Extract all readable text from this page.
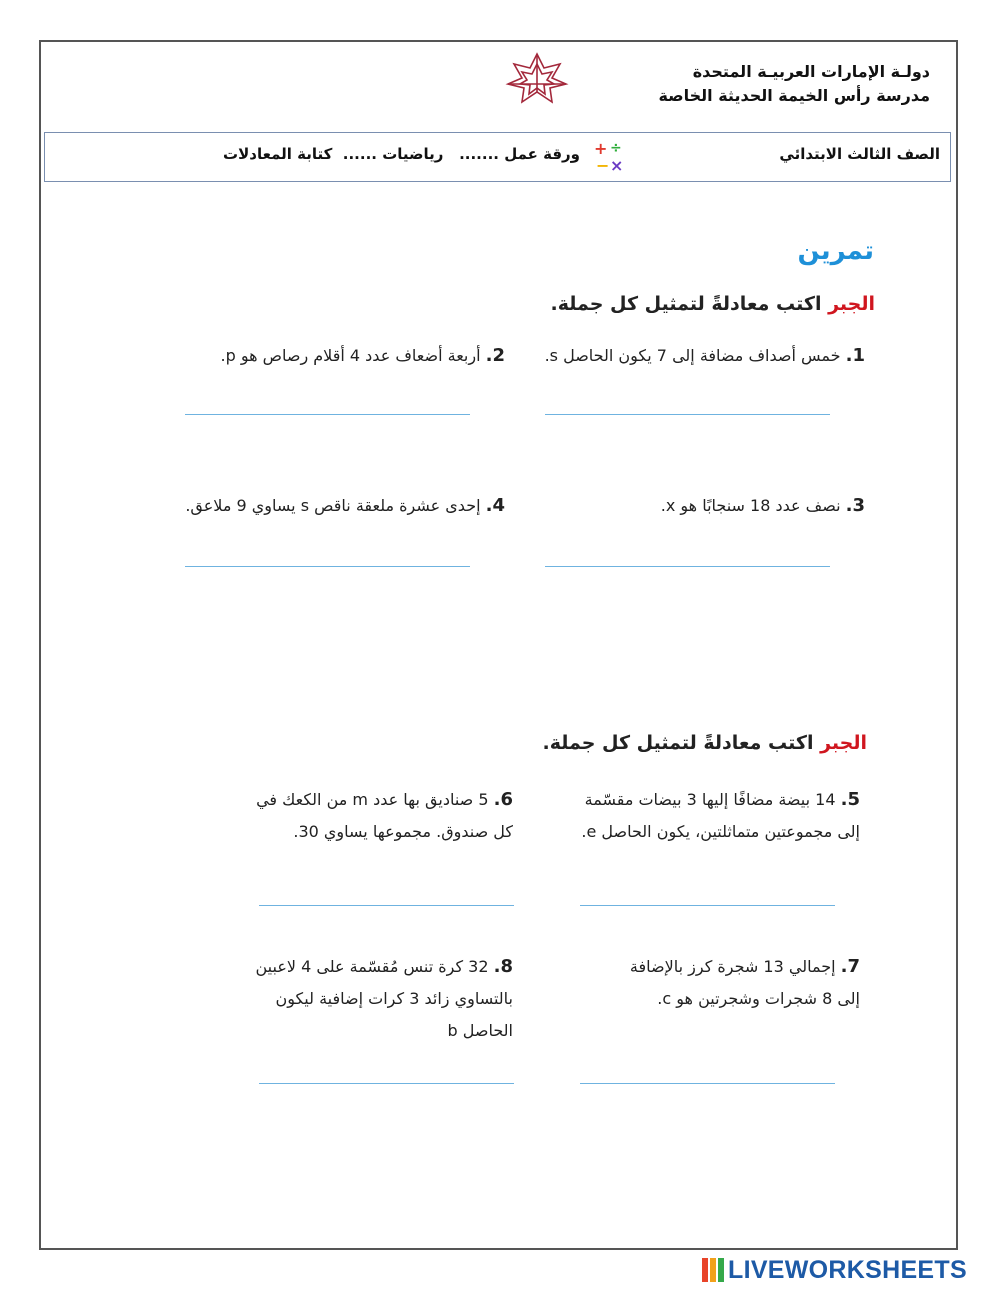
دولـة الإمارات العربيـة المتحدة
مدرسة رأس الخيمة الحديثة الخاصة
الصف الثالث الابتدائي
+ ÷
− ×
ورقة عمل .......   رياضيات ......  كتابة المعادلات
تمرين
الجبر اكتب معادلةً لتمثيل كل جملة.
1. خمس أصداف مضافة إلى 7 يكون الحاصل s.
2. أربعة أضعاف عدد 4 أقلام رصاص هو p.
3. نصف عدد 18 سنجابًا هو x.
4. إحدى عشرة ملعقة ناقص s يساوي 9 ملاعق.
الجبر اكتب معادلةً لتمثيل كل جملة.
5. 14 بيضة مضافًا إليها 3 بيضات مقسّمة إلى مجموعتين متماثلتين، يكون الحاصل e.
6. 5 صناديق بها عدد m من الكعك في كل صندوق. مجموعها يساوي 30.
7. إجمالي 13 شجرة كرز بالإضافة إلى 8 شجرات وشجرتين هو c.
8. 32 كرة تنس مُقسّمة على 4 لاعبين بالتساوي زائد 3 كرات إضافية ليكون الحاصل b
LIVEWORKSHEETS
